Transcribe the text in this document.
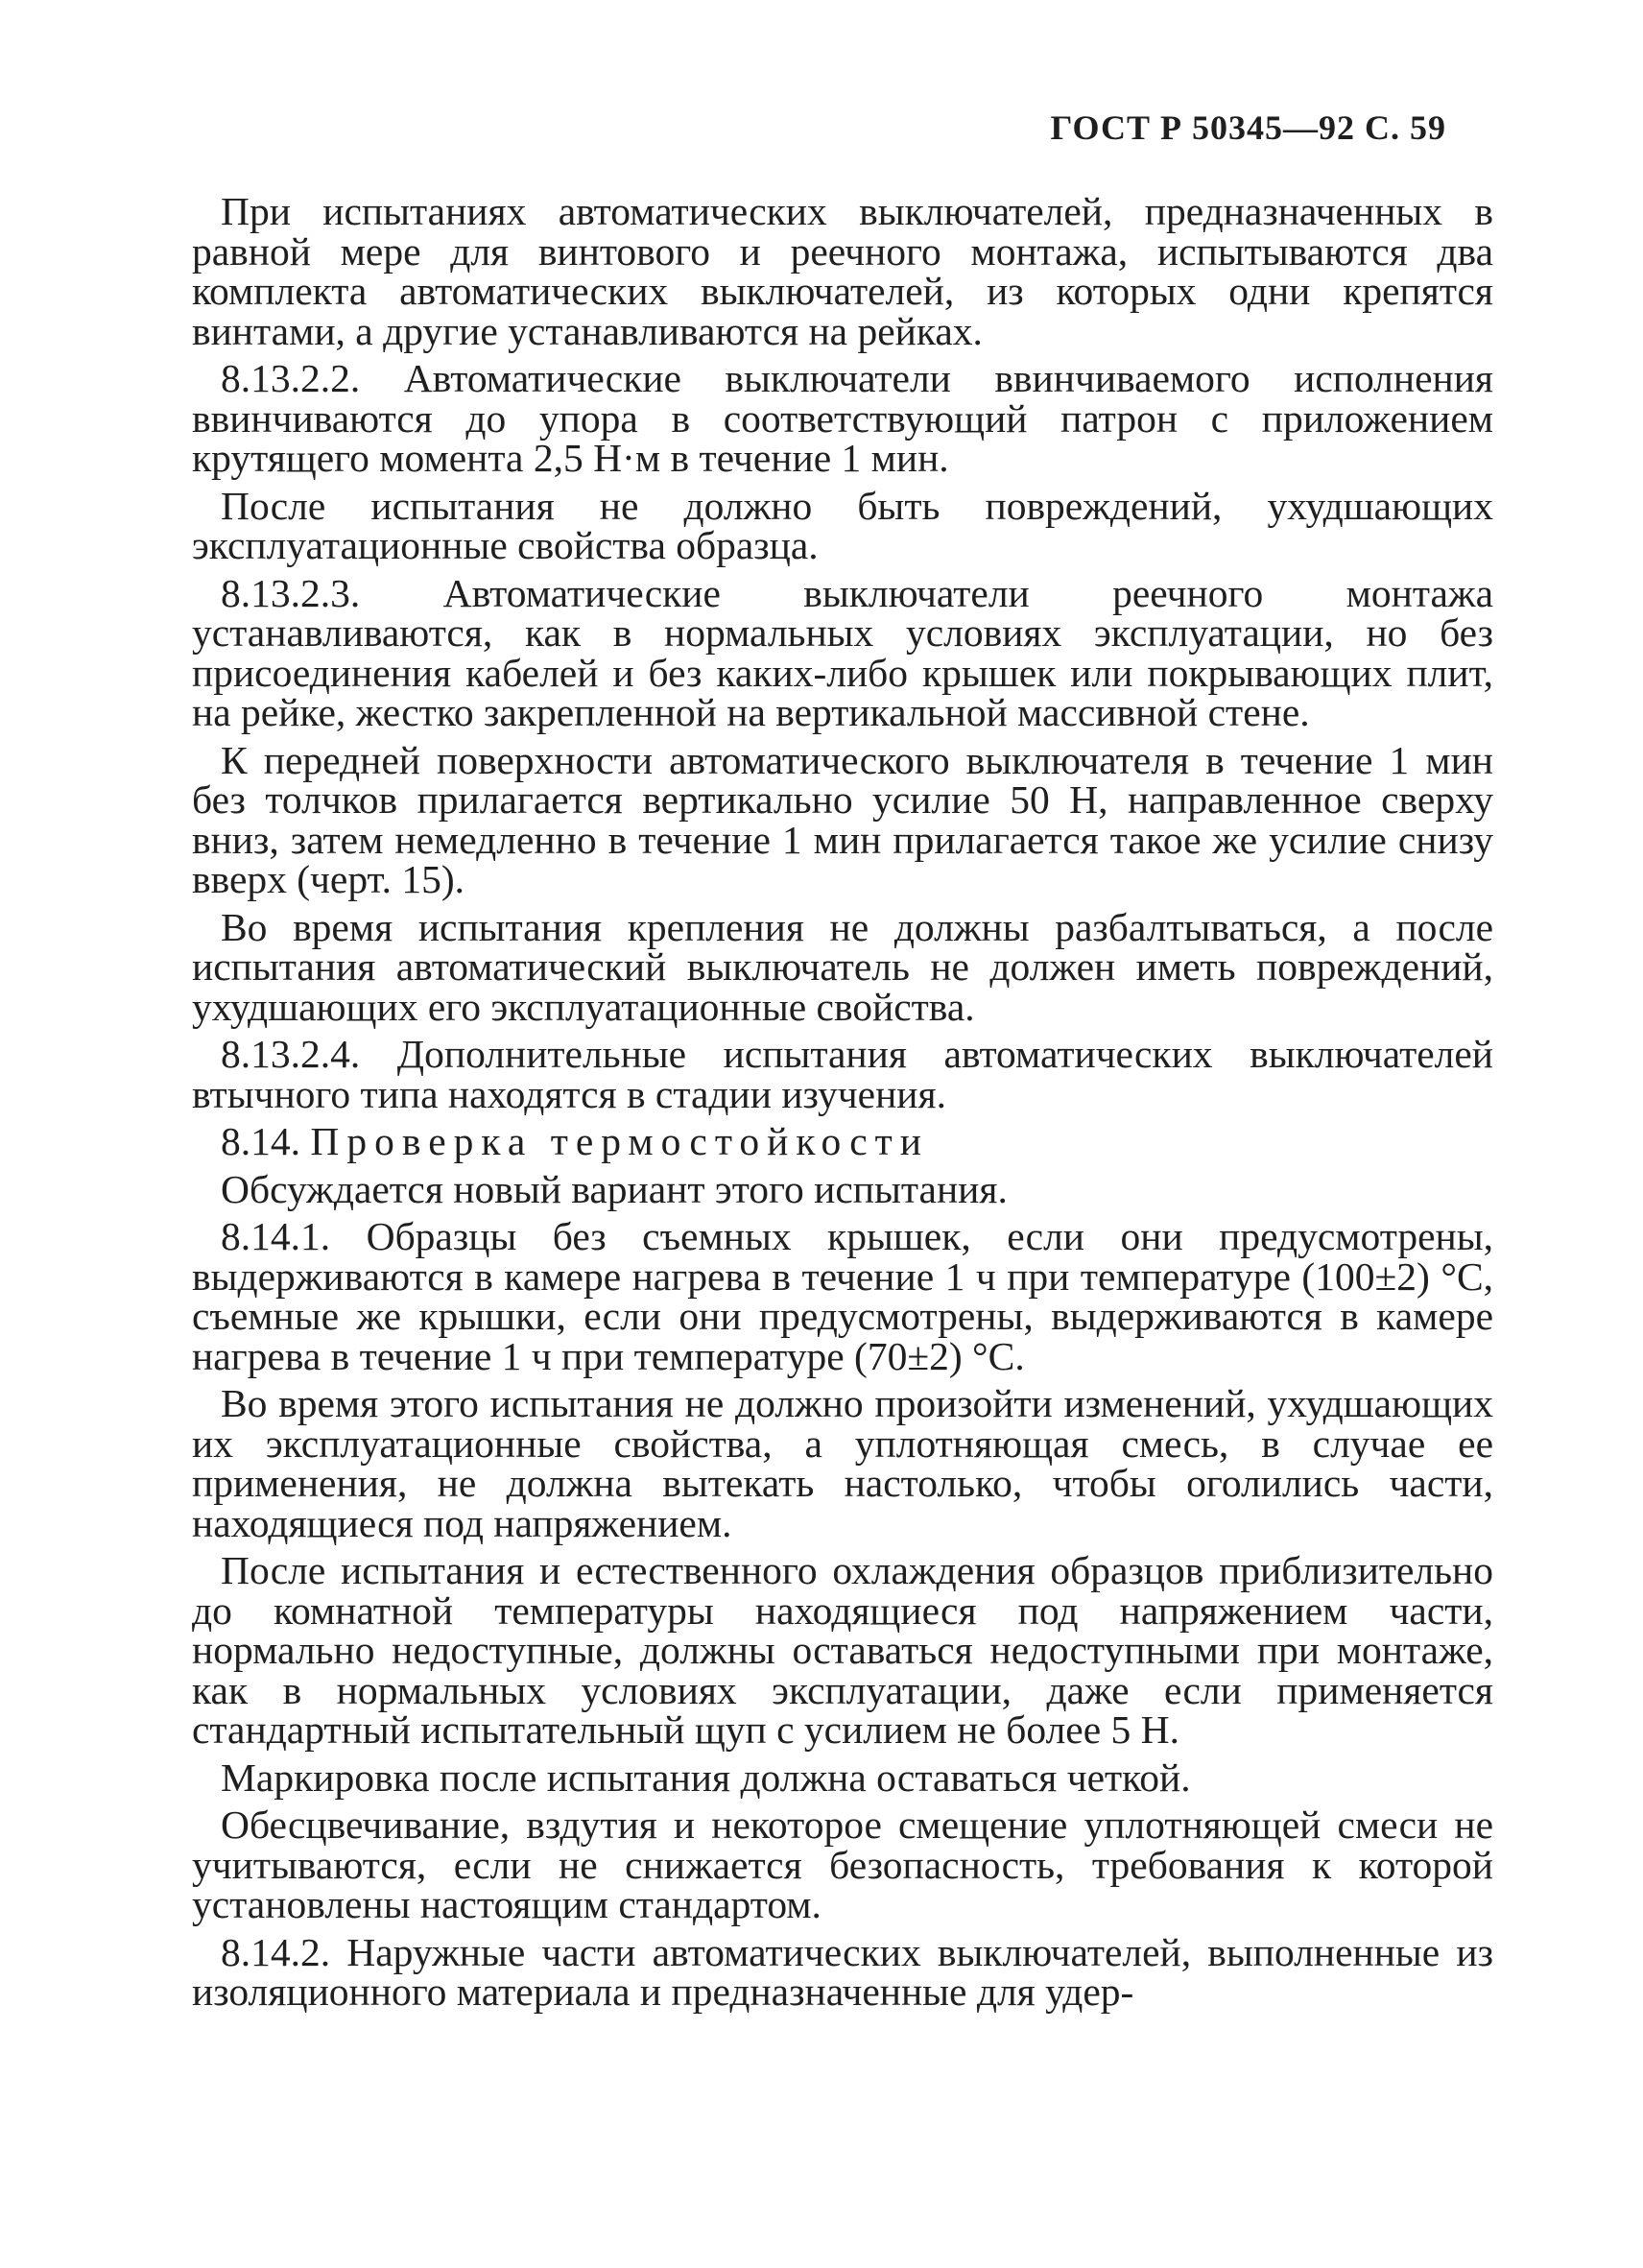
ГОСТ Р 50345—92 С. 59

При испытаниях автоматических выключателей, предназначенных в равной мере для винтового и реечного монтажа, испытываются два комплекта автоматических выключателей, из которых одни крепятся винтами, а другие устанавливаются на рейках.

8.13.2.2. Автоматические выключатели ввинчиваемого исполнения ввинчиваются до упора в соответствующий патрон с приложением крутящего момента 2,5 Н·м в течение 1 мин.

После испытания не должно быть повреждений, ухудшающих эксплуатационные свойства образца.

8.13.2.3. Автоматические выключатели реечного монтажа устанавливаются, как в нормальных условиях эксплуатации, но без присоединения кабелей и без каких-либо крышек или покрывающих плит, на рейке, жестко закрепленной на вертикальной массивной стене.

К передней поверхности автоматического выключателя в течение 1 мин без толчков прилагается вертикально усилие 50 Н, направленное сверху вниз, затем немедленно в течение 1 мин прилагается такое же усилие снизу вверх (черт. 15).

Во время испытания крепления не должны разбалтываться, а после испытания автоматический выключатель не должен иметь повреждений, ухудшающих его эксплуатационные свойства.

8.13.2.4. Дополнительные испытания автоматических выключателей втычного типа находятся в стадии изучения.

8.14. Проверка термостойкости

Обсуждается новый вариант этого испытания.

8.14.1. Образцы без съемных крышек, если они предусмотрены, выдерживаются в камере нагрева в течение 1 ч при температуре (100±2) °С, съемные же крышки, если они предусмотрены, выдерживаются в камере нагрева в течение 1 ч при температуре (70±2) °С.

Во время этого испытания не должно произойти изменений, ухудшающих их эксплуатационные свойства, а уплотняющая смесь, в случае ее применения, не должна вытекать настолько, чтобы оголились части, находящиеся под напряжением.

После испытания и естественного охлаждения образцов приблизительно до комнатной температуры находящиеся под напряжением части, нормально недоступные, должны оставаться недоступными при монтаже, как в нормальных условиях эксплуатации, даже если применяется стандартный испытательный щуп с усилием не более 5 Н.

Маркировка после испытания должна оставаться четкой.

Обесцвечивание, вздутия и некоторое смещение уплотняющей смеси не учитываются, если не снижается безопасность, требования к которой установлены настоящим стандартом.

8.14.2. Наружные части автоматических выключателей, выполненные из изоляционного материала и предназначенные для удер-
